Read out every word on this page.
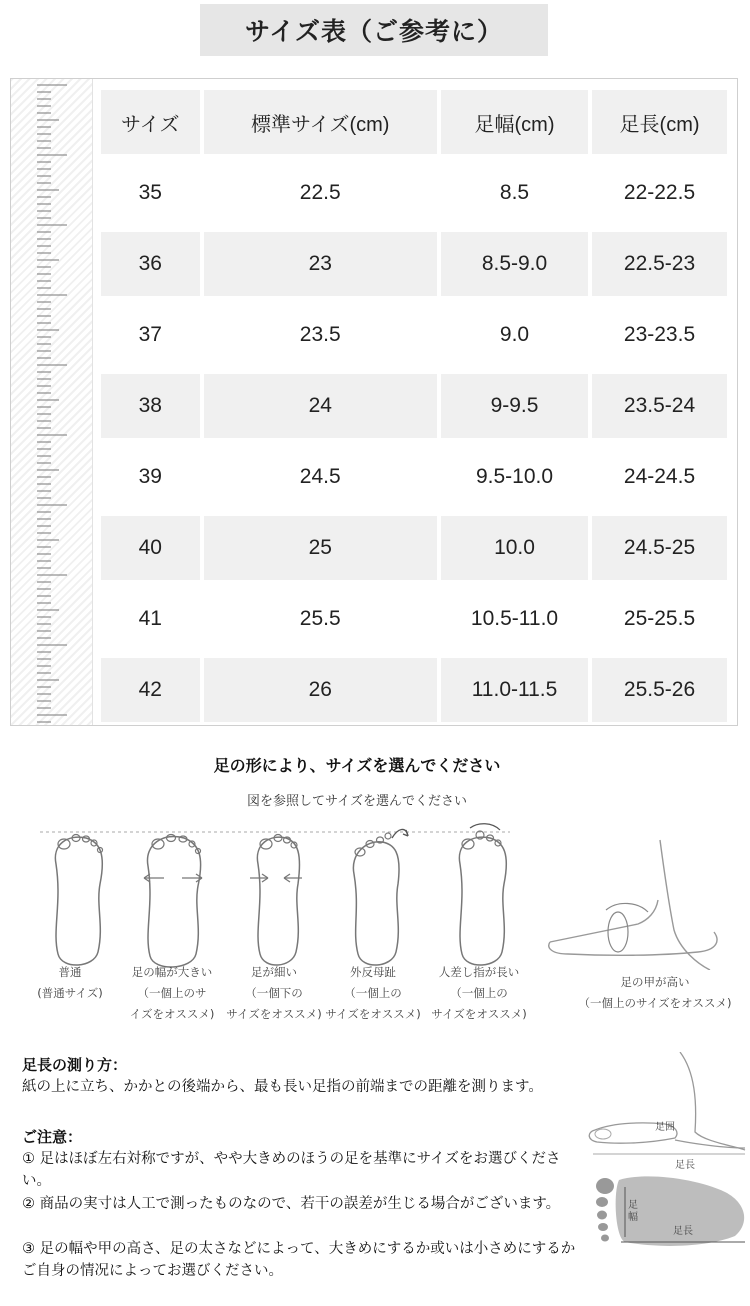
サイズ表（ご参考に）
サイズ	標準サイズ(cm)	足幅(cm)	足長(cm)
35	22.5	8.5	22-22.5
36	23	8.5-9.0	22.5-23
37	23.5	9.0	23-23.5
38	24	9-9.5	23.5-24
39	24.5	9.5-10.0	24-24.5
40	25	10.0	24.5-25
41	25.5	10.5-11.0	25-25.5
42	26	11.0-11.5	25.5-26
足の形により、サイズを選んでください
図を参照してサイズを選んでください
普通
(普通サイズ)
足の幅が大きい
（一個上のサ
イズをオススメ)
足が細い
（一個下の
サイズをオススメ)
外反母趾
（一個上の
サイズをオススメ)
人差し指が長い
（一個上の
サイズをオススメ)
足の甲が高い
（一個上のサイズをオススメ)
足長の測り方：
紙の上に立ち、かかとの後端から、最も長い足指の前端までの距離を測ります。
ご注意：
① 足はほぼ左右対称ですが、やや大きめのほうの足を基準にサイズをお選びください。
② 商品の実寸は人工で測ったものなので、若干の誤差が生じる場合がございます。
③ 足の幅や甲の高さ、足の太さなどによって、大きめにするか或いは小さめにするかご自身の情况によってお選びください。
足囲
足長
足幅
足長
